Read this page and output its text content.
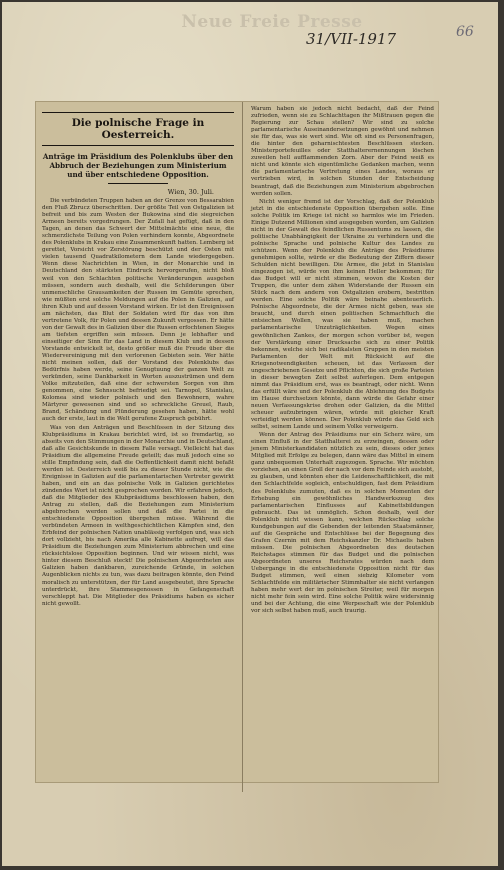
Neue Freie Presse
31/VII-1917	66
Die polnische Frage in Oesterreich.
Anträge im Präsidium des Polenklubs über den Abbruch der Beziehungen zum Ministerium und über entschiedene Opposition.
Wien, 30. Juli.

Die verbündeten Truppen haben an der Grenze von Bessarabien den Fluß Zbrucz überschritten. Der größte Teil von Ostgalizien ist befreit und bis zum Westen der Bukowina sind die siegreichen Armeen bereits vorgedrungen. Der Zufall hat gefügt, daß in den Tagen, an denen das Schwert der Mittelmächte eine neue, die schmerzlichste Teilung von Polen verhindern konnte, Abgeordnete des Polenklubs in Krakau eine Zusammenkunft hatten. Lemberg ist gerettet, Vorsicht vor Zerstörung beschützt und der Osten mit vielen tausend Quadratkilometern dem Lande wiedergegeben. Wenn diese Nachrichten in Wien, in der Monarchie und in Deutschland den stärksten Eindruck hervorgerufen, nicht bloß weil von den Schlachten politische Veränderungen ausgehen müssen, sondern auch deshalb, weil die Schilderungen über unmenschliche Grausamkeiten der Russen im Gemüte sprechen, wie müßten erst solche Meldungen auf die Polen in Galizien, auf ihren Klub und auf dessen Vorstand wirken. Er ist den Ereignissen am nächsten, das Blut der Soldaten wird für das von ihm vertretene Volk, für Polen und dessen Zukunft vergossen. Er hätte von der Gewalt des in Galizien über die Russen erfochtenen Sieges am tiefsten ergriffen sein müssen. Denn je lebhafter und einseitiger der Sinn für das Land in diesem Klub und in dessen Vorstande entwickelt ist, desto größer muß die Freude über die Wiedervereinigung mit den verlorenen Gebieten sein. Wer hätte nicht meinen sollen, daß der Vorstand des Polenklubs das Bedürfnis haben werde, seine Genugtuung der ganzen Welt zu verkünden, seine Dankbarkeit in Worten auszustrümen und dem Volke mitzuteilen, daß eine der schwersten Sorgen von ihm genommen, eine Sehnsucht befriedigt sei. Tarnopol, Stanislau, Kolomea sind wieder polnisch und den Bewohnern, wahre Märtyrer gewesenen sind und so schreckliche Greuel, Raub, Brand, Schändung und Plünderung gesehen haben, hätte wohl auch der erste, laut in die Welt gerufene Zuspruch gebührt.

Was von den Anträgen und Beschlüssen in der Sitzung des Klubpräsidiums in Krakau berichtet wird, ist so fremdartig, so abseits von den Stimmungen in der Monarchie und in Deutschland, daß alle Gesichtskunde in diesem Falle versagt. Vielleicht hat das Präsidium die allgemeine Freude geteilt; das muß jedoch eine so stille Empfindung sein, daß die Oeffentlichkeit damit nicht befaßt werden ist. Oesterreich weiß bis zu dieser Stunde nicht, wie die Ereignisse in Galizien auf die parlamentarischen Vertreter gewirkt haben, und ein an das polnische Volk in Galizien gerichtetes zündendes Wort ist nicht gesprochen worden. Wir erfahren jedoch, daß die Mitglieder des Klubpräsidiums beschlossen haben, den Antrag zu stellen, daß die Beziehungen zum Ministerium abgebrochen werden sollen und daß die Partei in die entschiedenste Opposition übergehen müsse. Während die verbündeten Armeen in welthgeschichtlichen Kämpfen sind, den Erbfeind der polnischen Nation unablässig verfolgen und, was sich dort vollzieht, bis nach Amerika alle Kabinette aufregt, will das Präsidium die Beziehungen zum Ministerium abbrechen und eine rücksichtslose Opposition beginnen. Und wir wissen nicht, was hinter diesem Beschluß steckt! Die polnischen Abgeordneten aus Galizien haben dankbaren, zureichende Gründe, in solchen Augenblicken nichts zu tun, was dazu beitragen könnte, den Feind moralisch zu unterstützen, der für Land ausgebeutet, ihre Sprache unterdrückt, ihre Stammesgenossen in Gefangenschaft verschleppt hat. Die Mitglieder des Präsidiums haben es sicher nicht gewollt.

Warum haben sie jedoch nicht bedacht, daß der Feind zufrieden, wenn sie zu Schlachttagen ihr Mißtrauen gegen die Regierung zur Schau stellen? Wir sind zu solche parlamentarische Auseinandersetzungen gewöhnt und nehmen sie für das, was sie wert sind. Wie oft sind es Personenfragen, die hinter den geharnischtesten Beschlüssen stecken. Ministerportefeuilles oder Statthalterernennungen löschen zuweilen hell aufflammenden Zorn. Aber der Feind weiß es nicht und könnte sich eigentümliche Gedanken machen, wenn die parlamentarische Vertretung eines Landes, woraus er vertrieben wird, in solchen Stunden der Entscheidung beantragt, daß die Beziehungen zum Ministerium abgebrochen werden sollen.

Nicht weniger fremd ist der Vorschlag, daß der Polenklub jetzt in die entschiedenste Opposition übergehen solle. Eine solche Politik im Kriege ist nicht so harmlos wie im Frieden. Einige Dutzend Millionen sind ausgegeben worden, um Galizien nicht in der Gewalt des feindlichen Russentums zu lassen, die politische Unabhängigkeit der Ukraine zu verhindern und die polnische Sprache und polnische Kultur des Landes zu schützen. Wenn der Polenklub die Anträge des Präsidiums genehmigen sollte, würde er die Bedeutung der Ziffern dieser Schulden nicht bewilligen. Die Armee, die jetzt in Stanislau eingezogen ist, würde von ihm keinen Heller bekommen; für das Budget will er nicht stimmen, wovon die Kosten der Truppen, die unter dem zähen Widerstande der Russen ein Stück nach dem andern von Ostgalizien erobern, bestritten werden. Eine solche Politik wäre beinahe abenteuerlich. Polnische Abgeordnete, die der Armee nicht geben, was sie braucht, und durch einen politischen Schmachfluch die entsiechen Wollen, was sie haben muß, machen parlamentarische Unzuträglichkeiten. Wegen eines gewöhnlichen Zankes, der morgen schon vorüber ist, wegen der Verstärkung einer Drucksache sich zu einer Politik bekennen, welche sich bei radikalsten Gruppen in den meisten Parlamenten der Welt mit Rücksicht auf die Kriegsnotwendigkeiten scheuen, ist das Verlassen der ungeschriebenen Gesetze und Pflichten, die sich große Parteien in dieser bewegten Zeit selbst auferlegen. Dem entgegen nimmt das Präsidium erst, was es beantragt, oder nicht. Wenn das erfüllt wäre und der Polenklub die Ablehnung des Budgets im Hause durchsetzen könnte, dann würde die Gefahr einer neuen Verfassungskrise drohen oder Galizien, da die Mittel scheuer aufzubringen wären, würde mit gleicher Kraft verteidigt werden können. Der Polenklub würde das Geld sich selbst, seinem Lande und seinem Volke verweigern.

Wenn der Antrag des Präsidiums nur ein Scherz wäre, um einen Einfluß in der Statthalterei zu erzwingen, dessen oder jenem Ministerkandidaten nützlich zu sein, dieses oder jenes Mitglied mit Erfolge zu belegen, dann wäre das Mittel in einem ganz unbequemen Unterhalt zugezogen. Sprache. Wir möchten vorziehen, an einen Groll der nach vor dem Feinde sich austobt, zu glauben, und könnten eher die Leidenschaftlichkeit, die mit den Schlachtfelde sogleich, entschuldigen, fast dem Präsidium des Polenklubs zumuten, daß es in solchen Momenten der Erhebung ein gewöhnliches Handwerkszeug des parlamentarischen Einflusses auf Kabinettsbildungen gebraucht. Das ist unmöglich. Schon deshalb, weil der Polenklub nicht wissen kann, welchen Rückschlag solche Kundgebungen auf die Gebenden der leitenden Staatsmänner, auf die Gespräche und Entschlüsse bei der Begegnung des Grafen Czernin mit dem Reichskanzler Dr. Michaelis haben müssen. Die polnischen Abgeordneten des deutschen Reichstages stimmen für das Budget und die polnischen Abgeordneten unseres Reichsrates würden nach dem Uebergange in die entschiedenste Opposition nicht für das Budget stimmen, weil einen siebzig Kilometer vom Schlachtfelde ein militärischer Stimmhalter sie nicht verlangen haben mehr wert der im polnischen Streiter, weil für morgen nicht mehr fein sein wird. Eine solche Politik wäre widersinnig und bei der Achtung, die eine Werpeschaft wie der Polenklub vor sich selbst haben muß, auch traurig.
